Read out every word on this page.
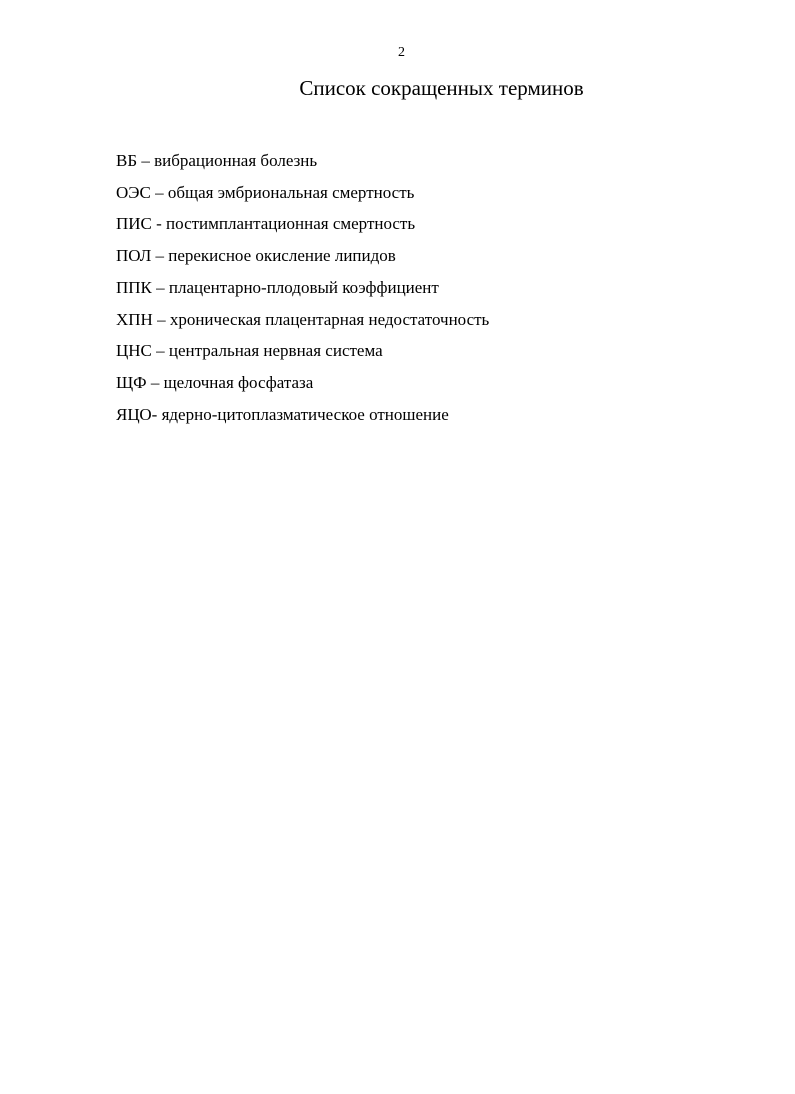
2
Список сокращенных терминов
ВБ – вибрационная болезнь
ОЭС – общая эмбриональная смертность
ПИС - постимплантационная смертность
ПОЛ – перекисное окисление липидов
ППК – плацентарно-плодовый коэффициент
ХПН – хроническая плацентарная недостаточность
ЦНС – центральная нервная система
ЩФ – щелочная фосфатаза
ЯЦО- ядерно-цитоплазматическое отношение
